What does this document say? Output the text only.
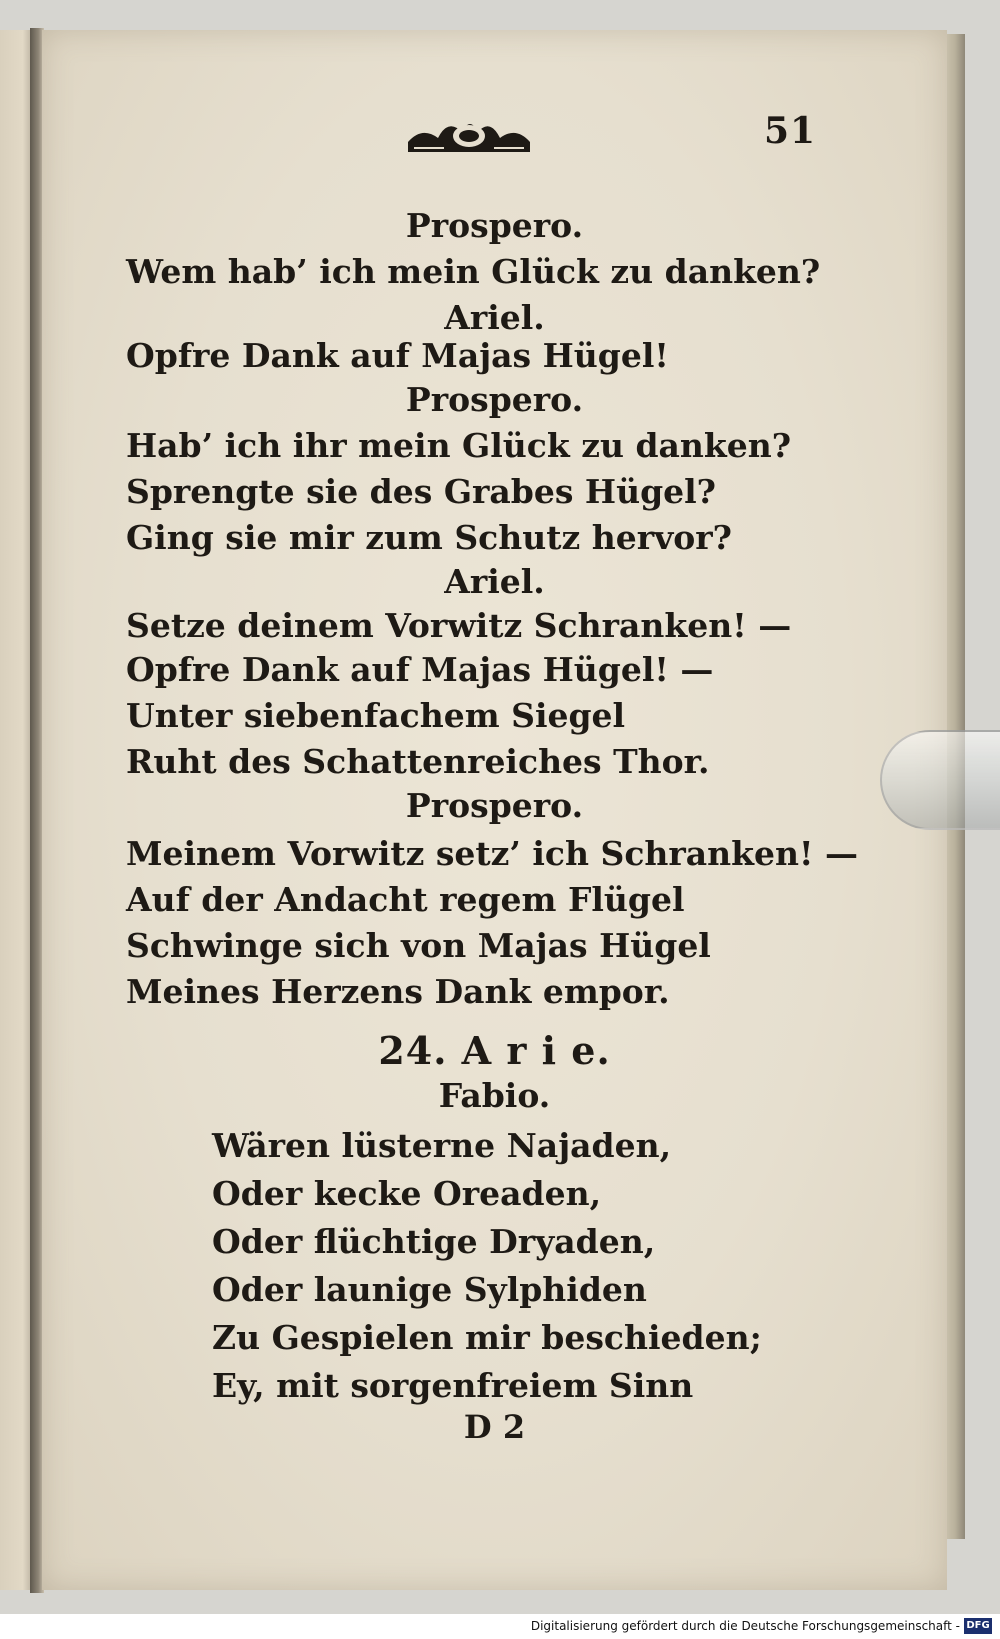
51
Prospero.
Wem hab’ ich mein Glück zu danken?
Ariel.
Opfre Dank auf Majas Hügel!
Prospero.
Hab’ ich ihr mein Glück zu danken?
Sprengte sie des Grabes Hügel?
Ging sie mir zum Schutz hervor?
Ariel.
Setze deinem Vorwitz Schranken! —
Opfre Dank auf Majas Hügel! —
Unter siebenfachem Siegel
Ruht des Schattenreiches Thor.
Prospero.
Meinem Vorwitz setz’ ich Schranken! —
Auf der Andacht regem Flügel
Schwinge sich von Majas Hügel
Meines Herzens Dank empor.
24. A r i e.
Fabio.
Wären lüsterne Najaden,
Oder kecke Oreaden,
Oder flüchtige Dryaden,
Oder launige Sylphiden
Zu Gespielen mir beschieden;
Ey, mit sorgenfreiem Sinn
D 2
Digitalisierung gefördert durch die Deutsche Forschungsgemeinschaft - DFG
